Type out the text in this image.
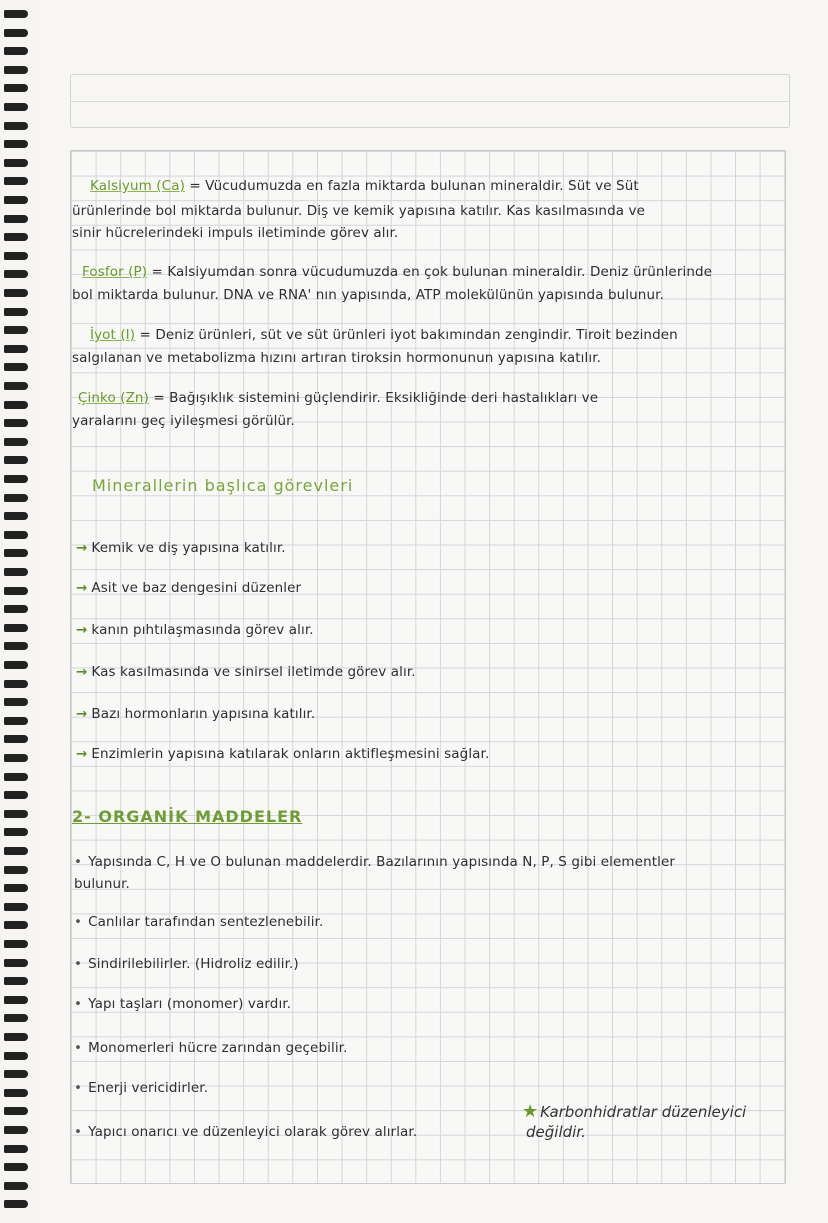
Kalsiyum (Ca) = Vücudumuzda en fazla miktarda bulunan mineraldir. Süt ve Süt
ürünlerinde bol miktarda bulunur. Diş ve kemik yapısına katılır. Kas kasılmasında ve
sinir hücrelerindeki impuls iletiminde görev alır.
Fosfor (P) = Kalsiyumdan sonra vücudumuzda en çok bulunan mineraldir. Deniz ürünlerinde
bol miktarda bulunur. DNA ve RNA' nın yapısında, ATP molekülünün yapısında bulunur.
İyot (I) = Deniz ürünleri, süt ve süt ürünleri iyot bakımından zengindir. Tiroit bezinden
salgılanan ve metabolizma hızını artıran tiroksin hormonunun yapısına katılır.
Çinko (Zn) = Bağışıklık sistemini güçlendirir. Eksikliğinde deri hastalıkları ve
yaralarını geç iyileşmesi görülür.
Minerallerin başlıca görevleri
→ Kemik ve diş yapısına katılır.
→ Asit ve baz dengesini düzenler
→ kanın pıhtılaşmasında görev alır.
→ Kas kasılmasında ve sinirsel iletimde görev alır.
→ Bazı hormonların yapısına katılır.
→ Enzimlerin yapısına katılarak onların aktifleşmesini sağlar.
2- ORGANİK MADDELER
• Yapısında C, H ve O bulunan maddelerdir. Bazılarının yapısında N, P, S gibi elementler
bulunur.
• Canlılar tarafından sentezlenebilir.
• Sindirilebilirler. (Hidroliz edilir.)
• Yapı taşları (monomer) vardır.
• Monomerleri hücre zarından geçebilir.
• Enerji vericidirler.
• Yapıcı onarıcı ve düzenleyici olarak görev alırlar.
★ Karbonhidratlar düzenleyici
değildir.
